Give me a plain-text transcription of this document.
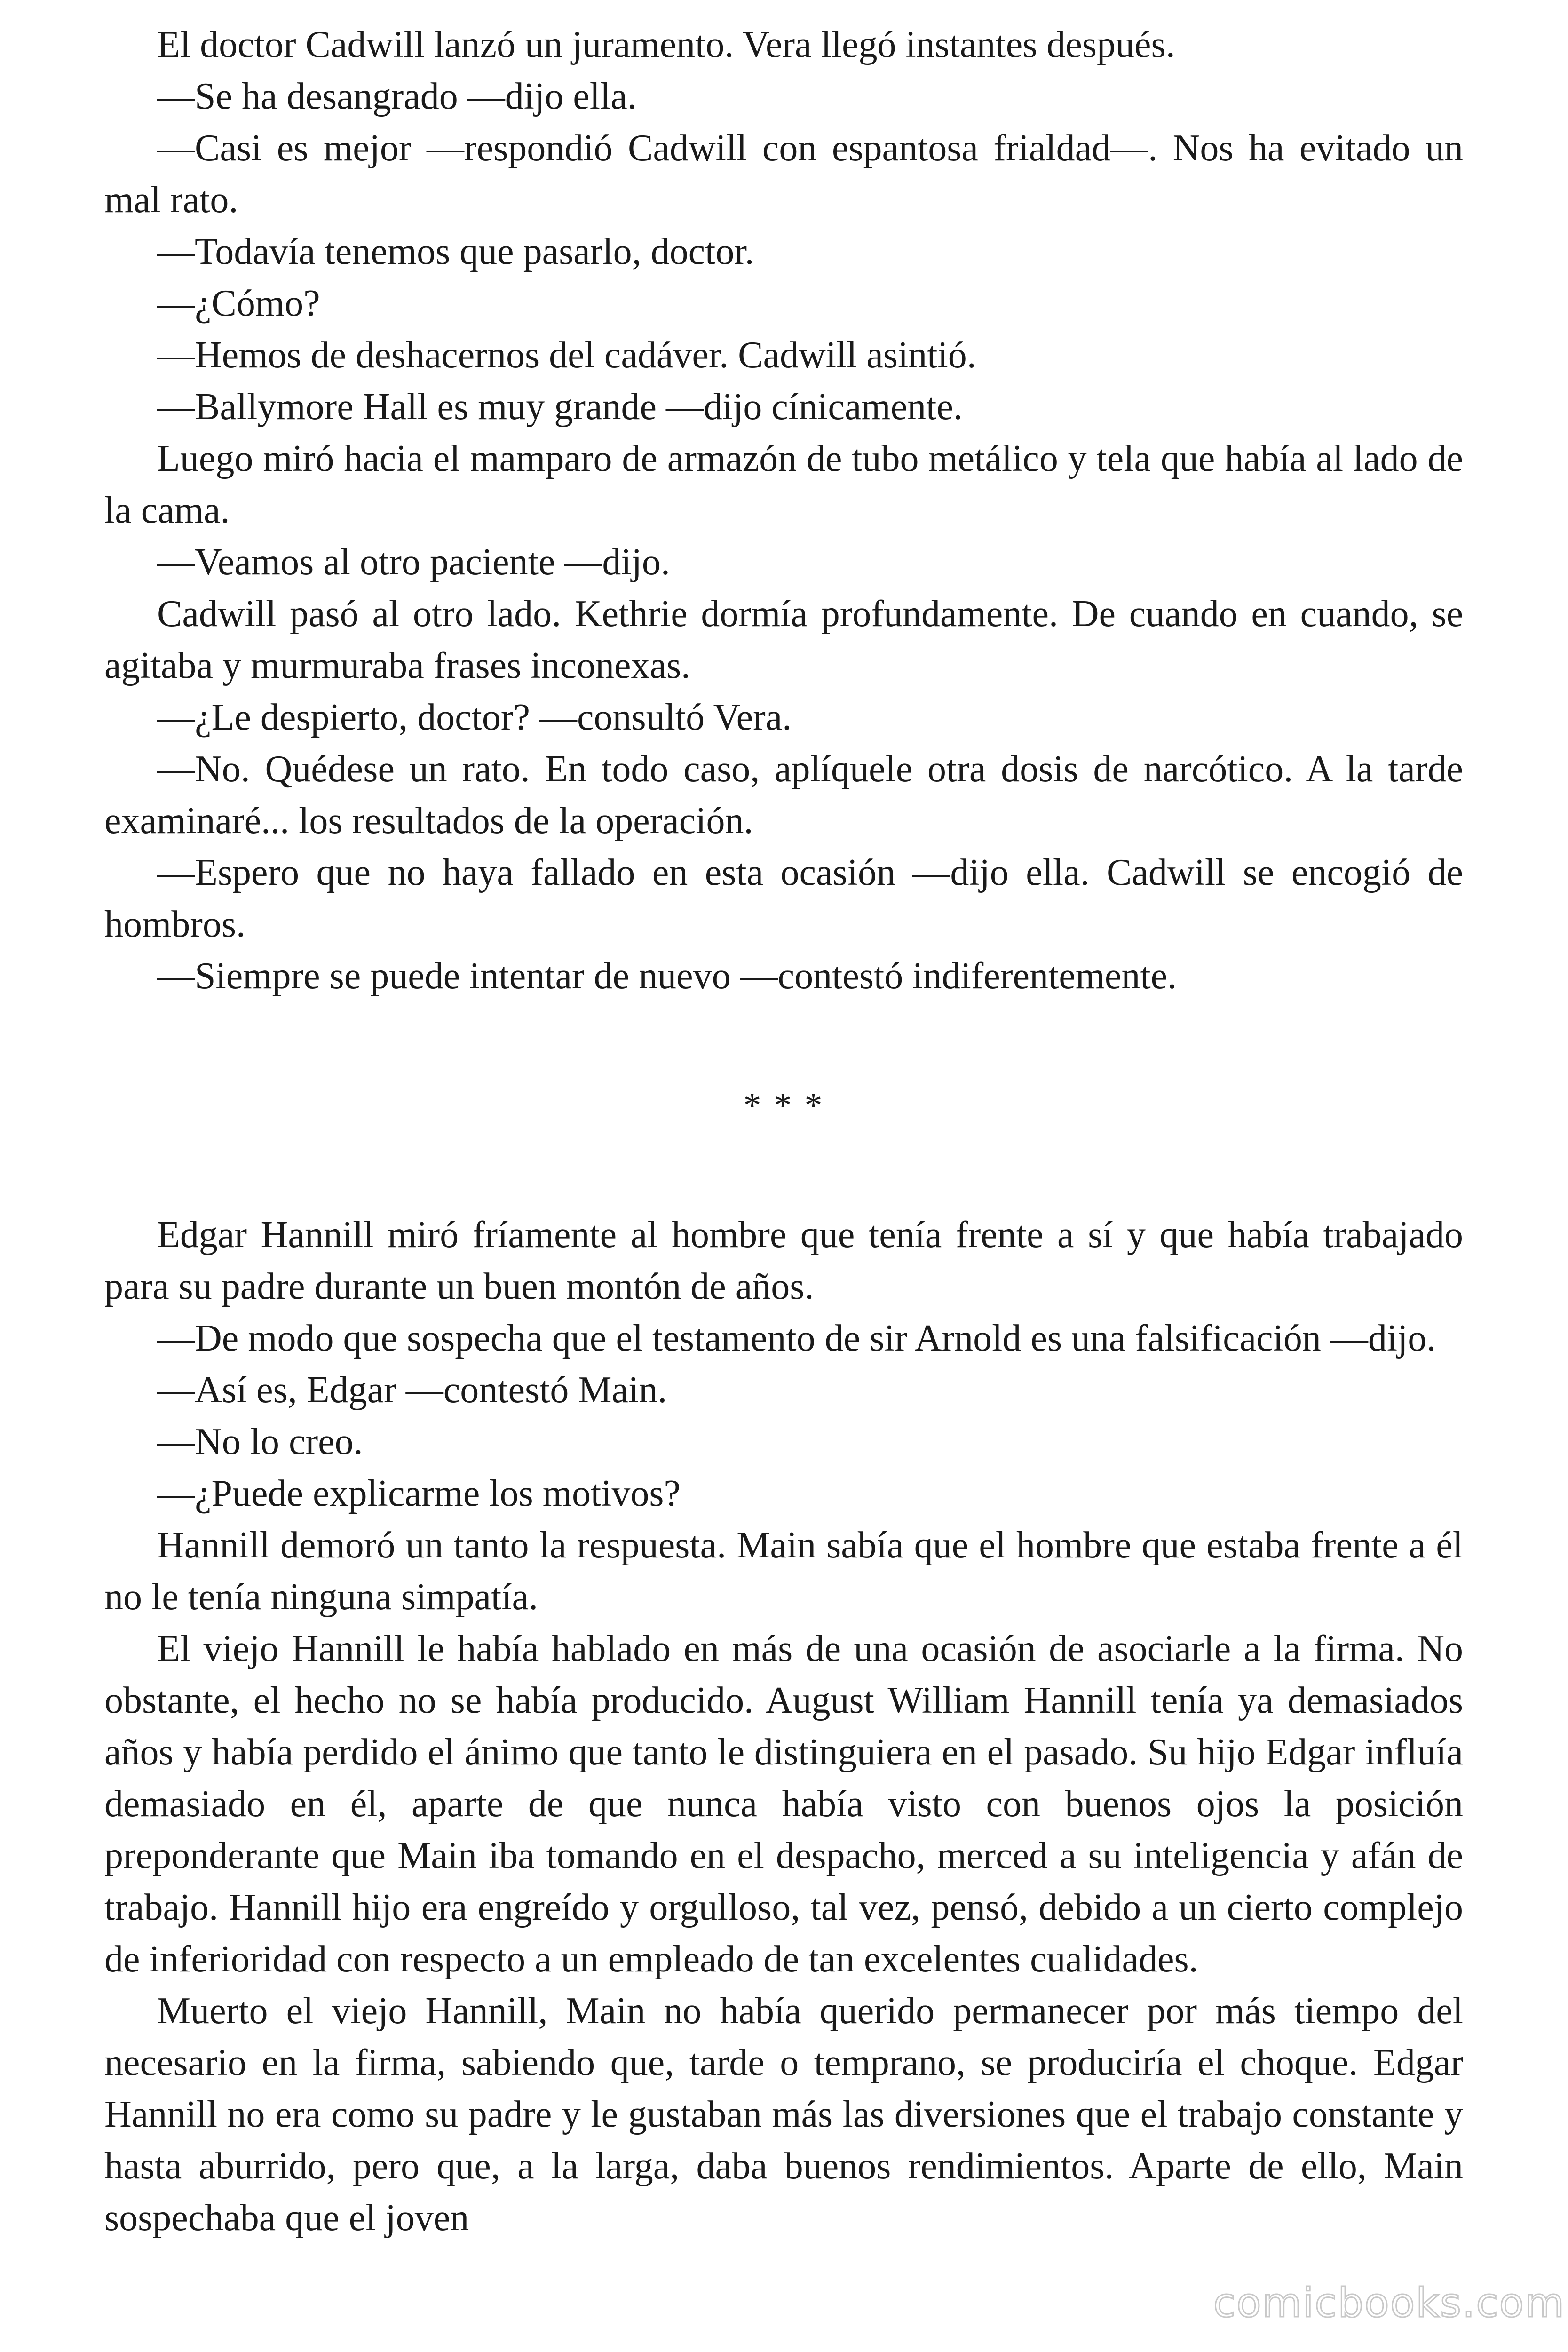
El doctor Cadwill lanzó un juramento. Vera llegó instantes después.

—Se ha desangrado —dijo ella.

—Casi es mejor —respondió Cadwill con espantosa frialdad—. Nos ha evitado un mal rato.

—Todavía tenemos que pasarlo, doctor.

—¿Cómo?

—Hemos de deshacernos del cadáver. Cadwill asintió.

—Ballymore Hall es muy grande —dijo cínicamente.

Luego miró hacia el mamparo de armazón de tubo metálico y tela que había al lado de la cama.

—Veamos al otro paciente —dijo.

Cadwill pasó al otro lado. Kethrie dormía profundamente. De cuando en cuando, se agitaba y murmuraba frases inconexas.

—¿Le despierto, doctor? —consultó Vera.

—No. Quédese un rato. En todo caso, aplíquele otra dosis de narcótico. A la tarde examinaré... los resultados de la operación.

—Espero que no haya fallado en esta ocasión —dijo ella. Cadwill se encogió de hombros.

—Siempre se puede intentar de nuevo —contestó indiferentemente.

* * *

Edgar Hannill miró fríamente al hombre que tenía frente a sí y que había trabajado para su padre durante un buen montón de años.

—De modo que sospecha que el testamento de sir Arnold es una falsificación —dijo.

—Así es, Edgar —contestó Main.

—No lo creo.

—¿Puede explicarme los motivos?

Hannill demoró un tanto la respuesta. Main sabía que el hombre que estaba frente a él no le tenía ninguna simpatía.

El viejo Hannill le había hablado en más de una ocasión de asociarle a la firma. No obstante, el hecho no se había producido. August William Hannill tenía ya demasiados años y había perdido el ánimo que tanto le distinguiera en el pasado. Su hijo Edgar influía demasiado en él, aparte de que nunca había visto con buenos ojos la posición preponderante que Main iba tomando en el despacho, merced a su inteligencia y afán de trabajo. Hannill hijo era engreído y orgulloso, tal vez, pensó, debido a un cierto complejo de inferioridad con respecto a un empleado de tan excelentes cualidades.

Muerto el viejo Hannill, Main no había querido permanecer por más tiempo del necesario en la firma, sabiendo que, tarde o temprano, se produciría el choque. Edgar Hannill no era como su padre y le gustaban más las diversiones que el trabajo constante y hasta aburrido, pero que, a la larga, daba buenos rendimientos. Aparte de ello, Main sospechaba que el joven

comicbooks.com
